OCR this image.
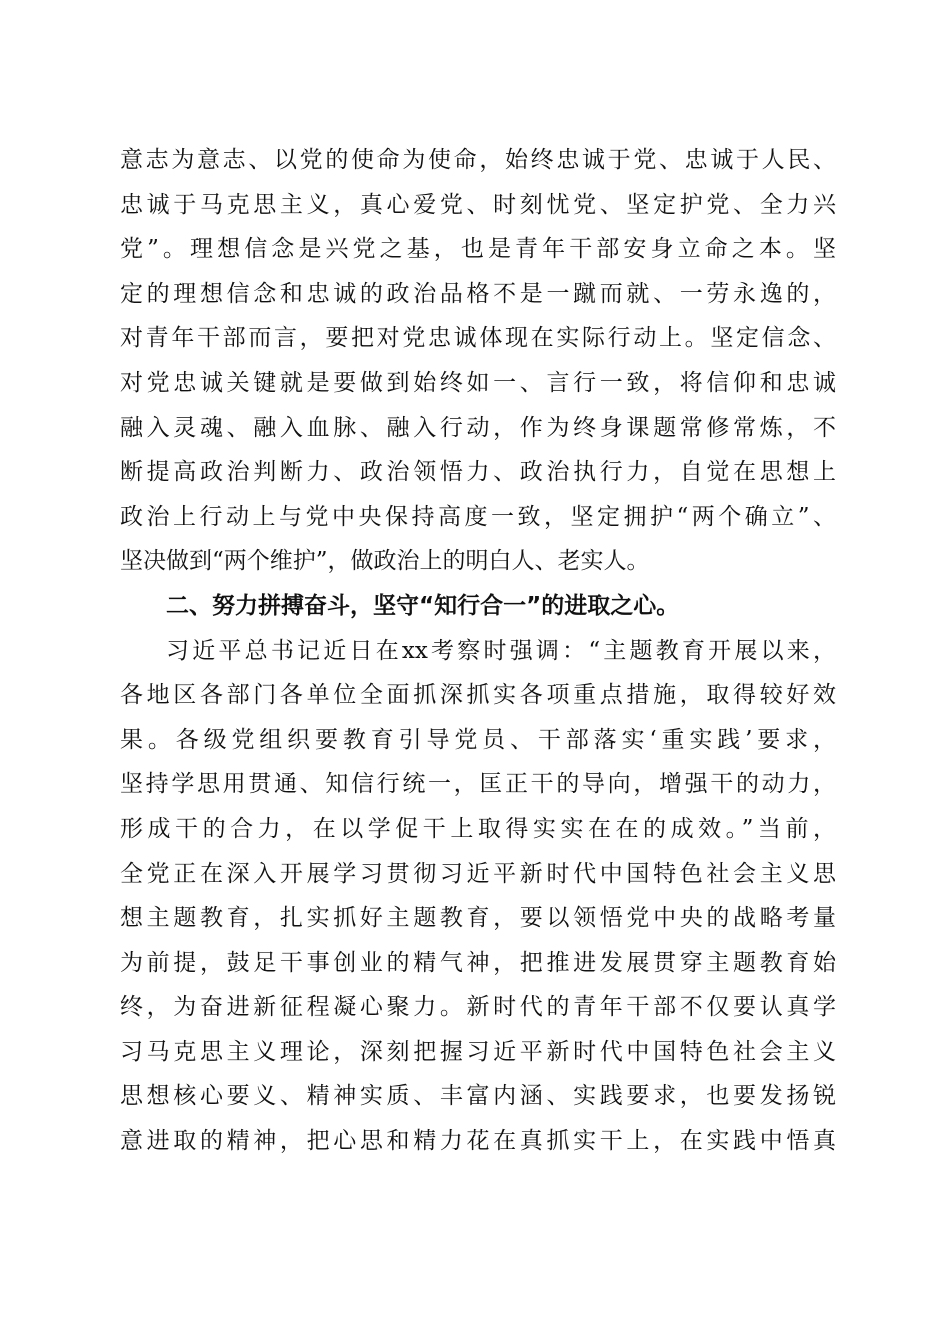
意志为意志、以党的使命为使命，始终忠诚于党、忠诚于人民、
忠诚于马克思主义，真心爱党、时刻忧党、坚定护党、全力兴
党”。理想信念是兴党之基，也是青年干部安身立命之本。坚
定的理想信念和忠诚的政治品格不是一蹴而就、一劳永逸的，
对青年干部而言，要把对党忠诚体现在实际行动上。坚定信念、
对党忠诚关键就是要做到始终如一、言行一致，将信仰和忠诚
融入灵魂、融入血脉、融入行动，作为终身课题常修常炼，不
断提高政治判断力、政治领悟力、政治执行力，自觉在思想上
政治上行动上与党中央保持高度一致，坚定拥护“两个确立”、
坚决做到“两个维护”，做政治上的明白人、老实人。
二、努力拼搏奋斗，坚守“知行合一”的进取之心。
习近平总书记近日在xx考察时强调：“主题教育开展以来，
各地区各部门各单位全面抓深抓实各项重点措施，取得较好效
果。各级党组织要教育引导党员、干部落实‘重实践’要求，
坚持学思用贯通、知信行统一，匡正干的导向，增强干的动力，
形成干的合力，在以学促干上取得实实在在的成效。”当前，
全党正在深入开展学习贯彻习近平新时代中国特色社会主义思
想主题教育，扎实抓好主题教育，要以领悟党中央的战略考量
为前提，鼓足干事创业的精气神，把推进发展贯穿主题教育始
终，为奋进新征程凝心聚力。新时代的青年干部不仅要认真学
习马克思主义理论，深刻把握习近平新时代中国特色社会主义
思想核心要义、精神实质、丰富内涵、实践要求，也要发扬锐
意进取的精神，把心思和精力花在真抓实干上，在实践中悟真
